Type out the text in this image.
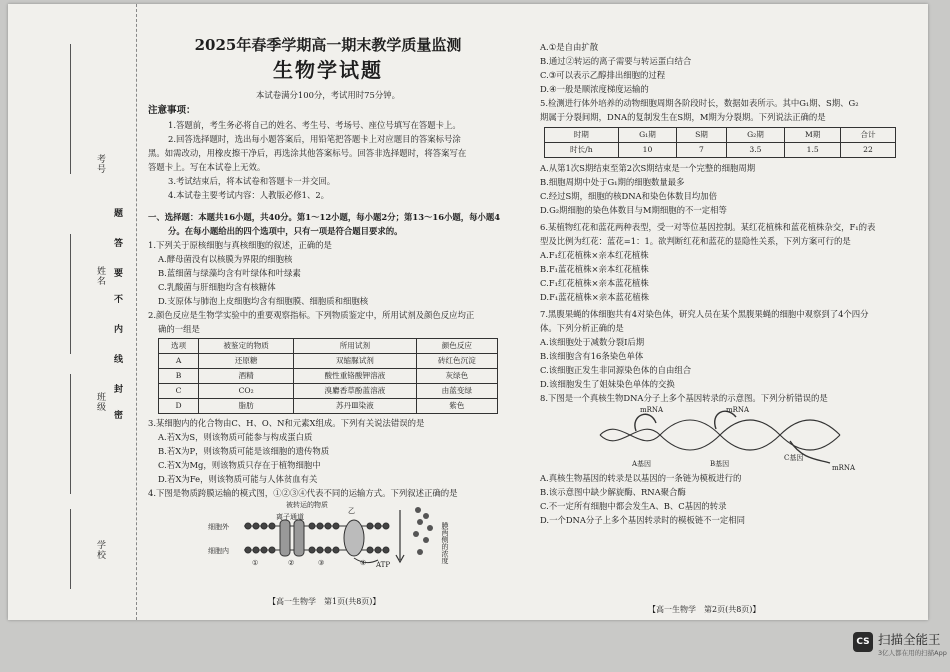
考号
姓名
班级
学校
题
答
要
不
内
线
封
密

2025年春季学期高一期末教学质量监测

生物学试题

本试卷满分100分，考试用时75分钟。

注意事项：

1.答题前，考生务必将自己的姓名、考生号、考场号、座位号填写在答题卡上。

2.回答选择题时，选出每小题答案后，用铅笔把答题卡上对应题目的答案标号涂

黑。如需改动，用橡皮擦干净后，再选涂其他答案标号。回答非选择题时，将答案写在

答题卡上。写在本试卷上无效。

3.考试结束后，将本试卷和答题卡一并交回。

4.本试卷主要考试内容：人教版必修1、2。

一、选择题：本题共16小题，共40分。第1～12小题，每小题2分；第13～16小题，每小题4

分。在每小题给出的四个选项中，只有一项是符合题目要求的。

1.下列关于原核细胞与真核细胞的叙述，正确的是

A.酵母菌没有以核膜为界限的细胞核

B.蓝细菌与绿藻均含有叶绿体和叶绿素

C.乳酸菌与肝细胞均含有核糖体

D.支原体与肺泡上皮细胞均含有细胞膜、细胞质和细胞核

2.颜色反应是生物学实验中的重要观察指标。下列物质鉴定中，所用试剂及颜色反应均正

确的一组是

选项	被鉴定的物质	所用试剂	颜色反应
A	还原糖	双缩脲试剂	砖红色沉淀
B	酒精	酸性重铬酸钾溶液	灰绿色
C	CO₂	溴麝香草酚蓝溶液	由蓝变绿
D	脂肪	苏丹Ⅲ染液	紫色

3.某细胞内的化合物由C、H、O、N和元素X组成。下列有关说法错误的是

A.若X为S，则该物质可能参与构成蛋白质

B.若X为P，则该物质可能是该细胞的遗传物质

C.若X为Mg，则该物质只存在于植物细胞中

D.若X为Fe，则该物质可能与人体贫血有关

4.下图是物质跨膜运输的模式图，①②③④代表不同的运输方式。下列叙述正确的是

被转运的物质
离子通道
细胞外
细胞内
乙
ATP
膜两侧的浓度
①	②	③	④
【高一生物学　第1页(共8页)】

A.①是自由扩散

B.通过②转运的离子需要与转运蛋白结合

C.③可以表示乙醇排出细胞的过程

D.④一般是顺浓度梯度运输的

5.检测进行体外培养的动物细胞周期各阶段时长，数据如表所示。其中G₁期、S期、G₂

期属于分裂间期，DNA的复制发生在S期，M期为分裂期。下列说法正确的是

时期	G₁期	S期	G₂期	M期	合计
时长/h	10	7	3.5	1.5	22

A.从第1次S期结束至第2次S期结束是一个完整的细胞周期

B.细胞周期中处于G₁期的细胞数量最多

C.经过S期，细胞的核DNA和染色体数目均加倍

D.G₂期细胞的染色体数目与M期细胞的不一定相等

6.某植物红花和蓝花两种表型，受一对等位基因控制。某红花植株和蓝花植株杂交，F₁的表

型及比例为红花：蓝花=1：1。欲判断红花和蓝花的显隐性关系，下列方案可行的是

A.F₁红花植株×亲本红花植株

B.F₁蓝花植株×亲本红花植株

C.F₁红花植株×亲本蓝花植株

D.F₁蓝花植株×亲本蓝花植株

7.黑腹果蝇的体细胞共有4对染色体，研究人员在某个黑腹果蝇的细胞中观察到了4个四分

体。下列分析正确的是

A.该细胞处于减数分裂Ⅰ后期

B.该细胞含有16条染色单体

C.该细胞正发生非同源染色体的自由组合

D.该细胞发生了姐妹染色单体的交换

8.下图是一个真核生物DNA分子上多个基因转录的示意图。下列分析错误的是

mRNA	mRNA
mRNA
A基因	B基因
C基因

A.真核生物基因的转录是以基因的一条链为模板进行的

B.该示意图中缺少解旋酶、RNA聚合酶

C.不一定所有细胞中都会发生A、B、C基因的转录

D.一个DNA分子上多个基因转录时的模板链不一定相同

【高一生物学　第2页(共8页)】
CS 扫描全能王
3亿人都在用的扫描App
